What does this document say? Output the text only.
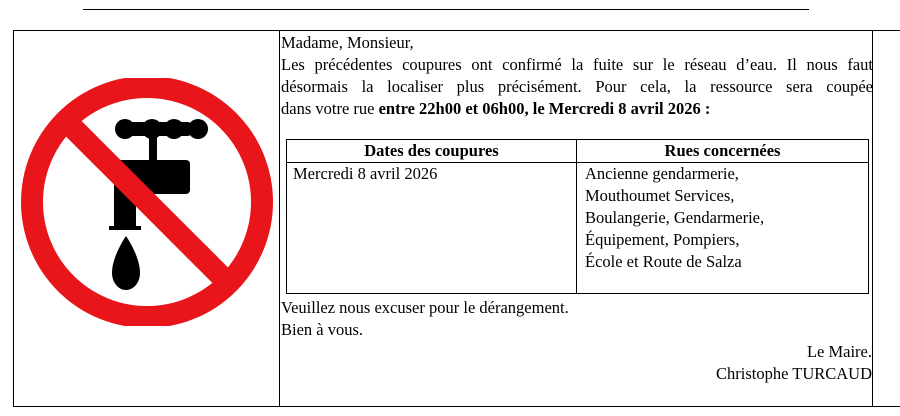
Madame, Monsieur,

Les précédentes coupures ont confirmé la fuite sur le réseau d’eau. Il nous faut

désormais la localiser plus précisément. Pour cela, la ressource sera coupée

dans votre rue entre 22h00 et 06h00, le Mercredi 8 avril 2026 :

Dates des coupures	Rues concernées
Mercredi 8 avril 2026	Ancienne gendarmerie,
Mouthoumet Services,
Boulangerie, Gendarmerie,
Équipement, Pompiers,
École et Route de Salza
Veuillez nous excuser pour le dérangement.
Bien à vous.
Le Maire.
Christophe TURCAUD
